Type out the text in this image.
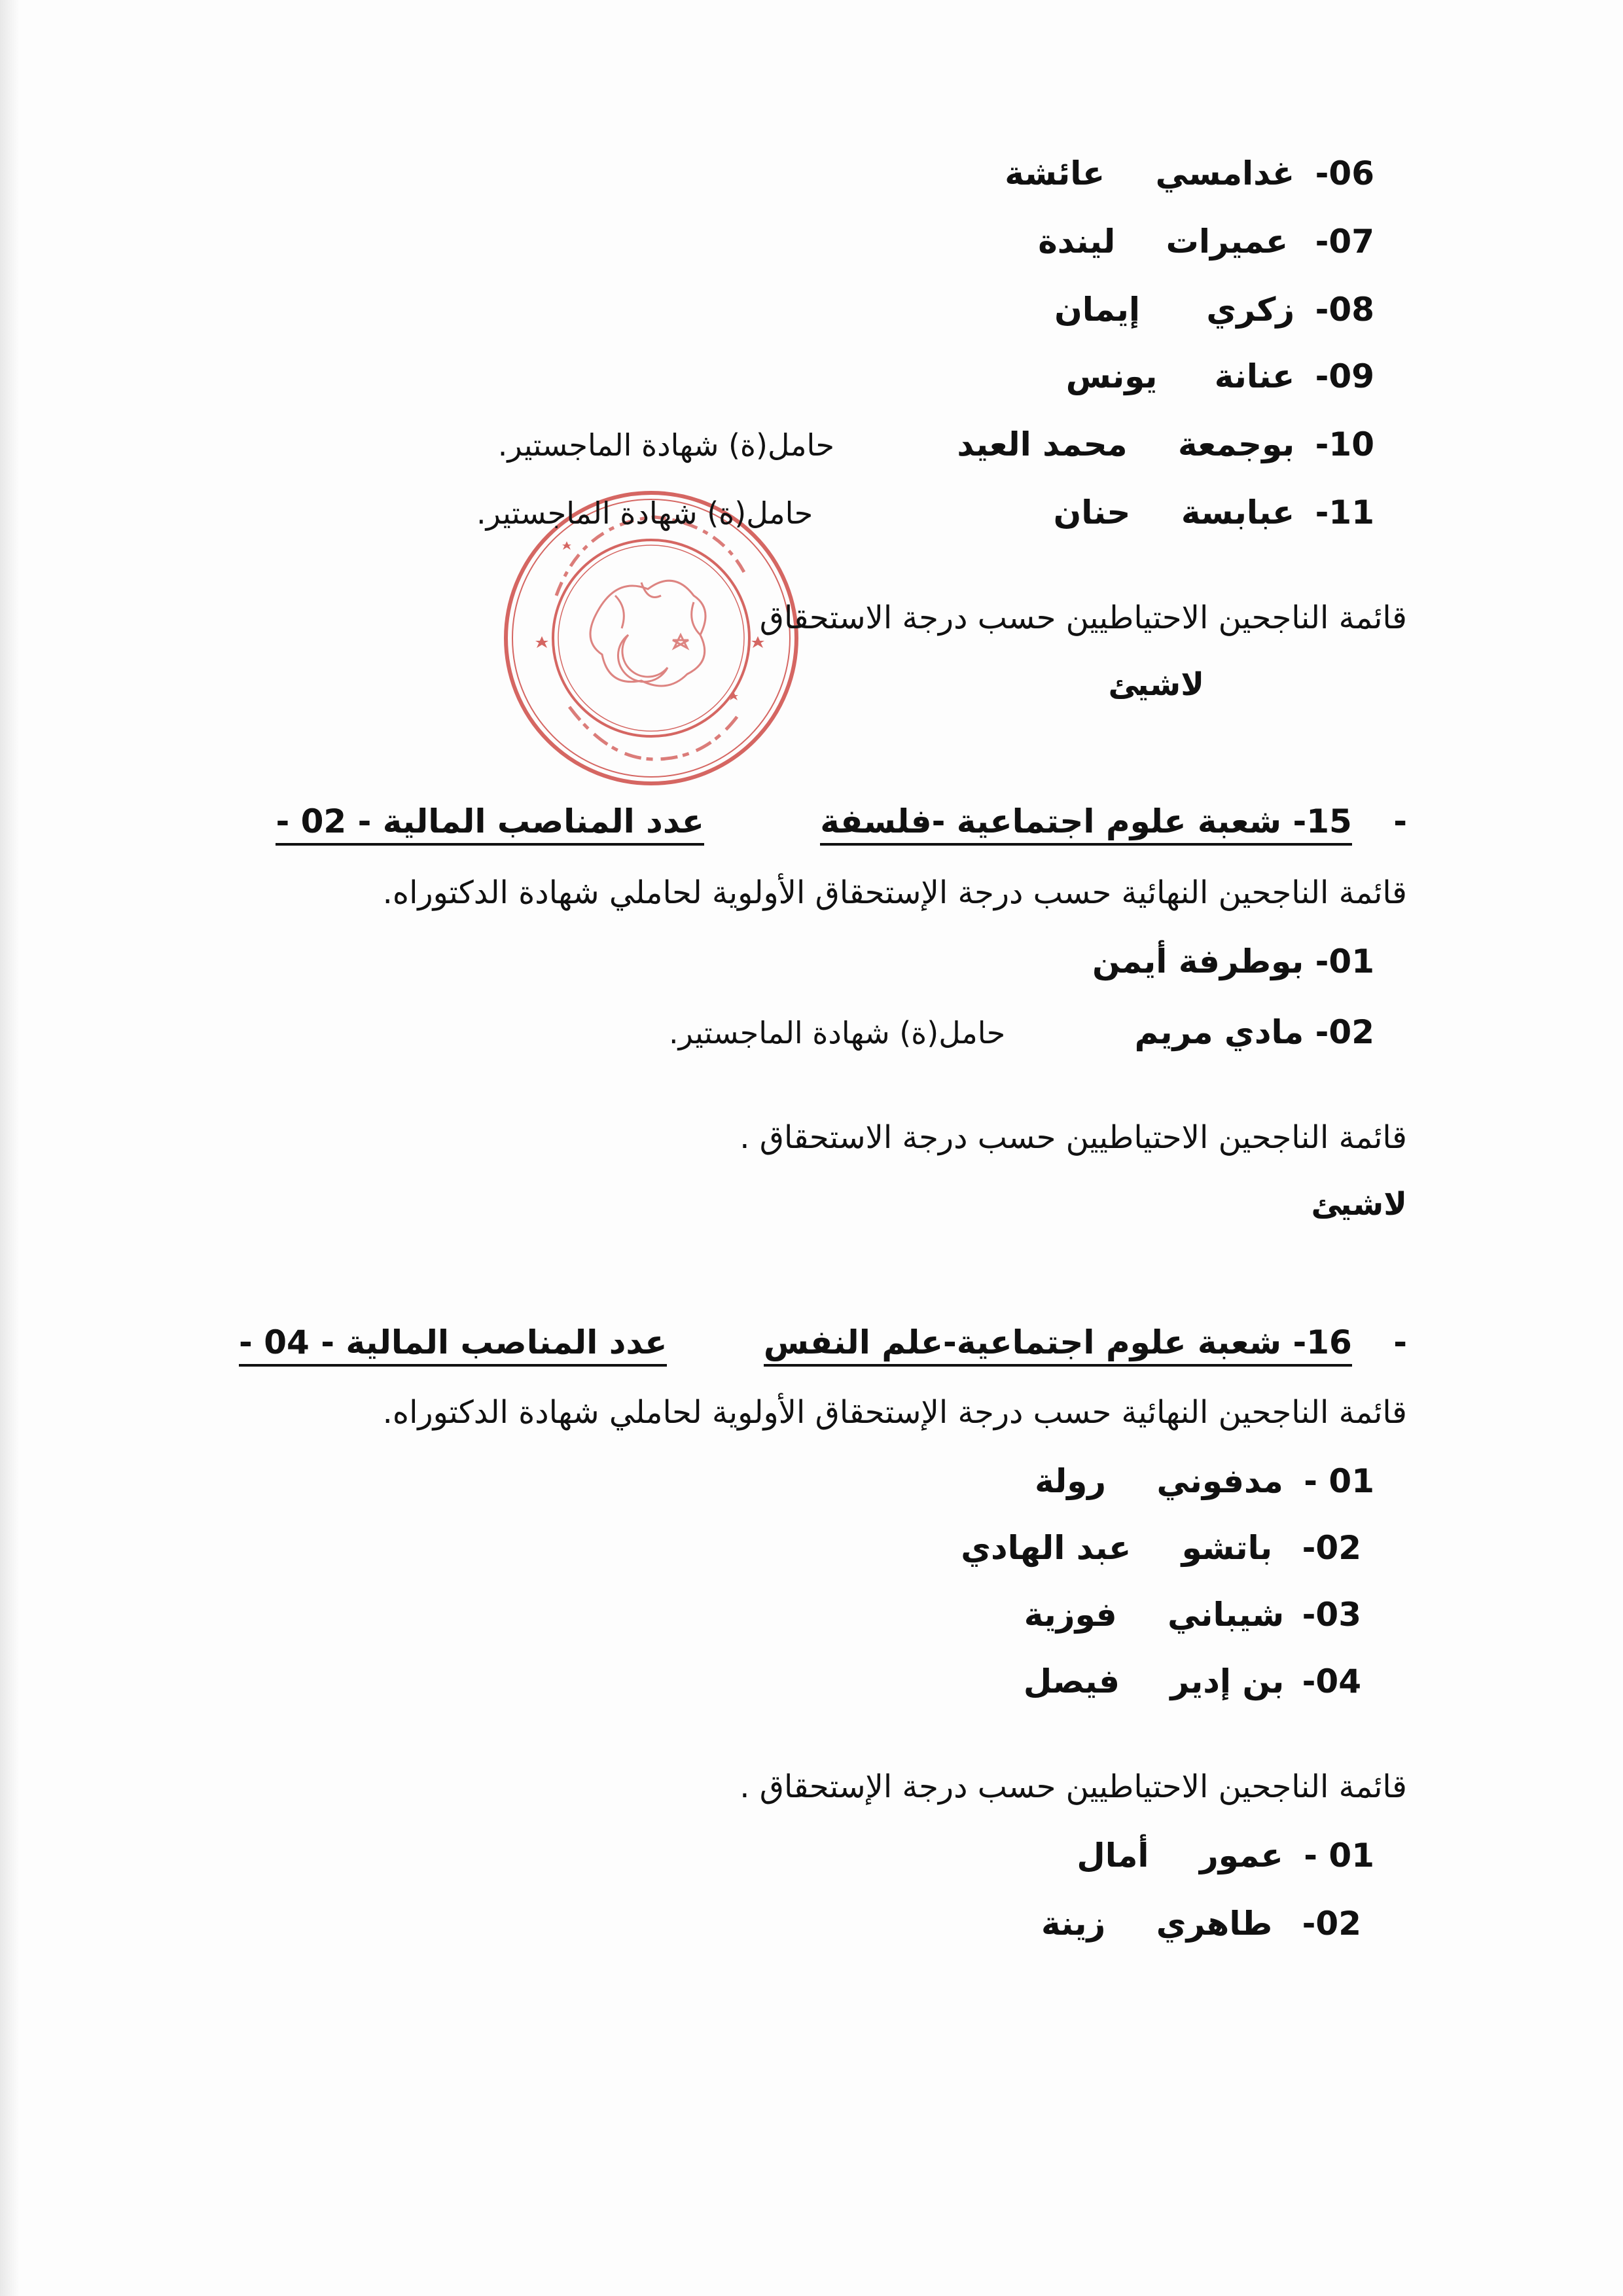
06- غدامسي عائشة
07- عميرات ليندة
08- زكري إيمان
09- عنانة يونس
10- بوجمعة محمد العيد حامل(ة) شهادة الماجستير.
11- عبابسة حنان حامل(ة) شهادة الماجستير.
قائمة الناجحين الاحتياطيين حسب درجة الاستحقاق
لاشيئ
- 15- شعبة علوم اجتماعية -فلسفة عدد المناصب المالية - 02 -
قائمة الناجحين النهائية حسب درجة الإستحقاق الأولوية لحاملي شهادة الدكتوراه.
01- بوطرفة أيمن
02- مادي مريم حامل(ة) شهادة الماجستير.
قائمة الناجحين الاحتياطيين حسب درجة الاستحقاق .
لاشيئ
- 16- شعبة علوم اجتماعية-علم النفس عدد المناصب المالية - 04 -
قائمة الناجحين النهائية حسب درجة الإستحقاق الأولوية لحاملي شهادة الدكتوراه.
01 - مدفوني رولة
02- باتشو عبد الهادي
03- شيباني فوزية
04- بن إدير فيصل
قائمة الناجحين الاحتياطيين حسب درجة الإستحقاق .
01 - عمور أمال
02- طاهري زينة
